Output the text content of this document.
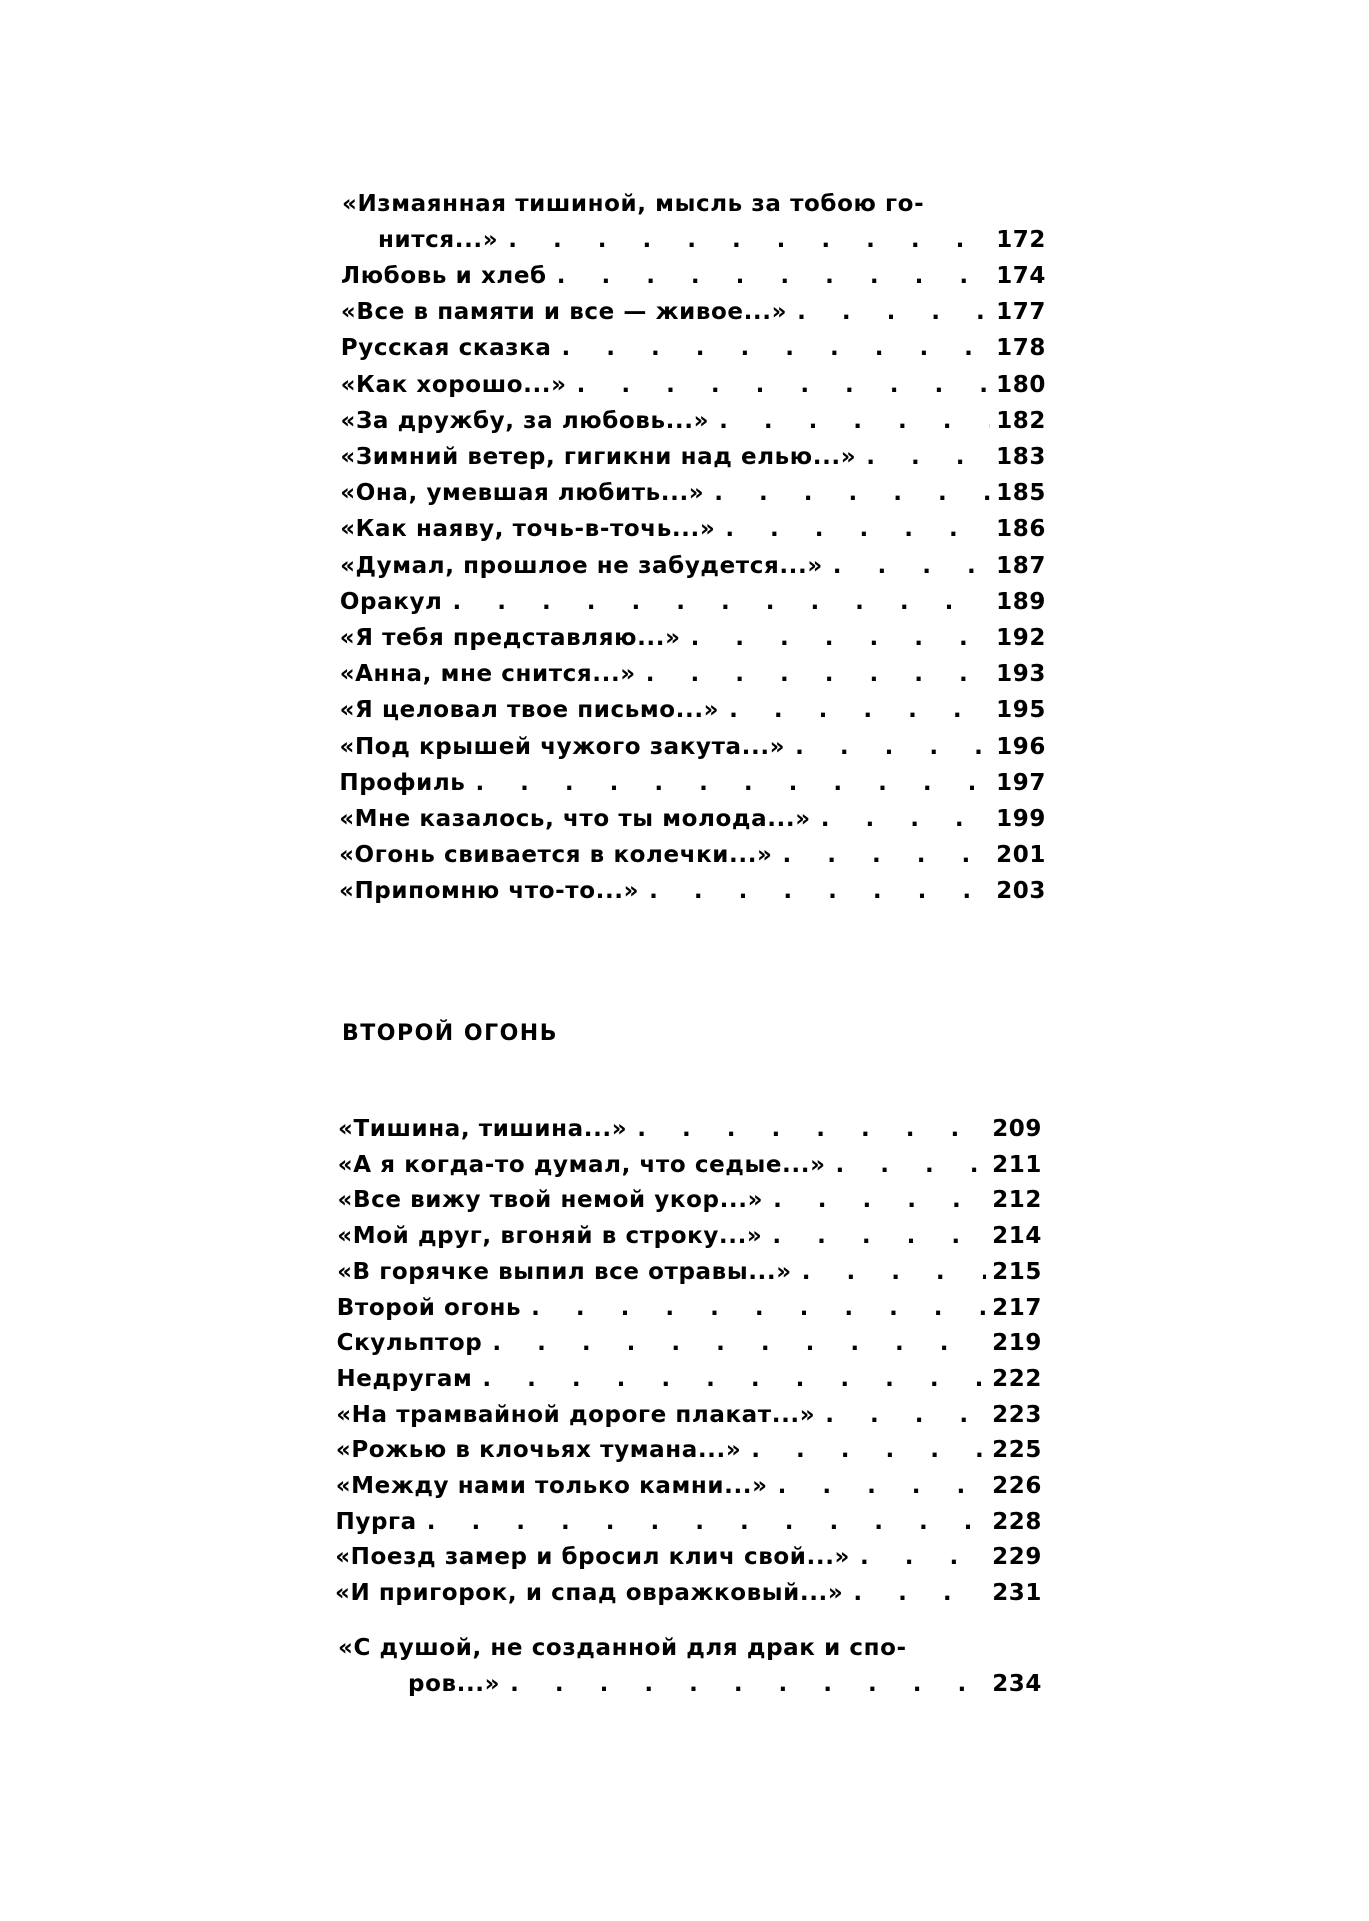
«Измаянная тишиной, мысль за тобою го-
нится...» . . .	172
Любовь и хлеб . . .	174
«Все в памяти и все — живое...» . . .	177
Русская сказка . . .	178
«Как хорошо...» . . .	180
«За дружбу, за любовь...» . . .	182
«Зимний ветер, гигикни над елью...» . . .	183
«Она, умевшая любить...» . . .	185
«Как наяву, точь-в-точь...» . . .	186
«Думал, прошлое не забудется...» . . .	187
Оракул . . .	189
«Я тебя представляю...» . . .	192
«Анна, мне снится...» . . .	193
«Я целовал твое письмо...» . . .	195
«Под крышей чужого закута...» . . .	196
Профиль . . .	197
«Мне казалось, что ты молода...» . . .	199
«Огонь свивается в колечки...» . . .	201
«Припомню что-то...» . . .	203
ВТОРОЙ ОГОНЬ
«Тишина, тишина...» . . .	209
«А я когда-то думал, что седые...» . . .	211
«Все вижу твой немой укор...» . . .	212
«Мой друг, вгоняй в строку...» . . .	214
«В горячке выпил все отравы...» . . .	215
Второй огонь . . .	217
Скульптор . . .	219
Недругам . . .	222
«На трамвайной дороге плакат...» . . .	223
«Рожью в клочьях тумана...» . . .	225
«Между нами только камни...» . . .	226
Пурга . . .	228
«Поезд замер и бросил клич свой...» . . .	229
«И пригорок, и спад овражковый...» . . .	231
«С душой, не созданной для драк и спо-
ров...» . . .	234
